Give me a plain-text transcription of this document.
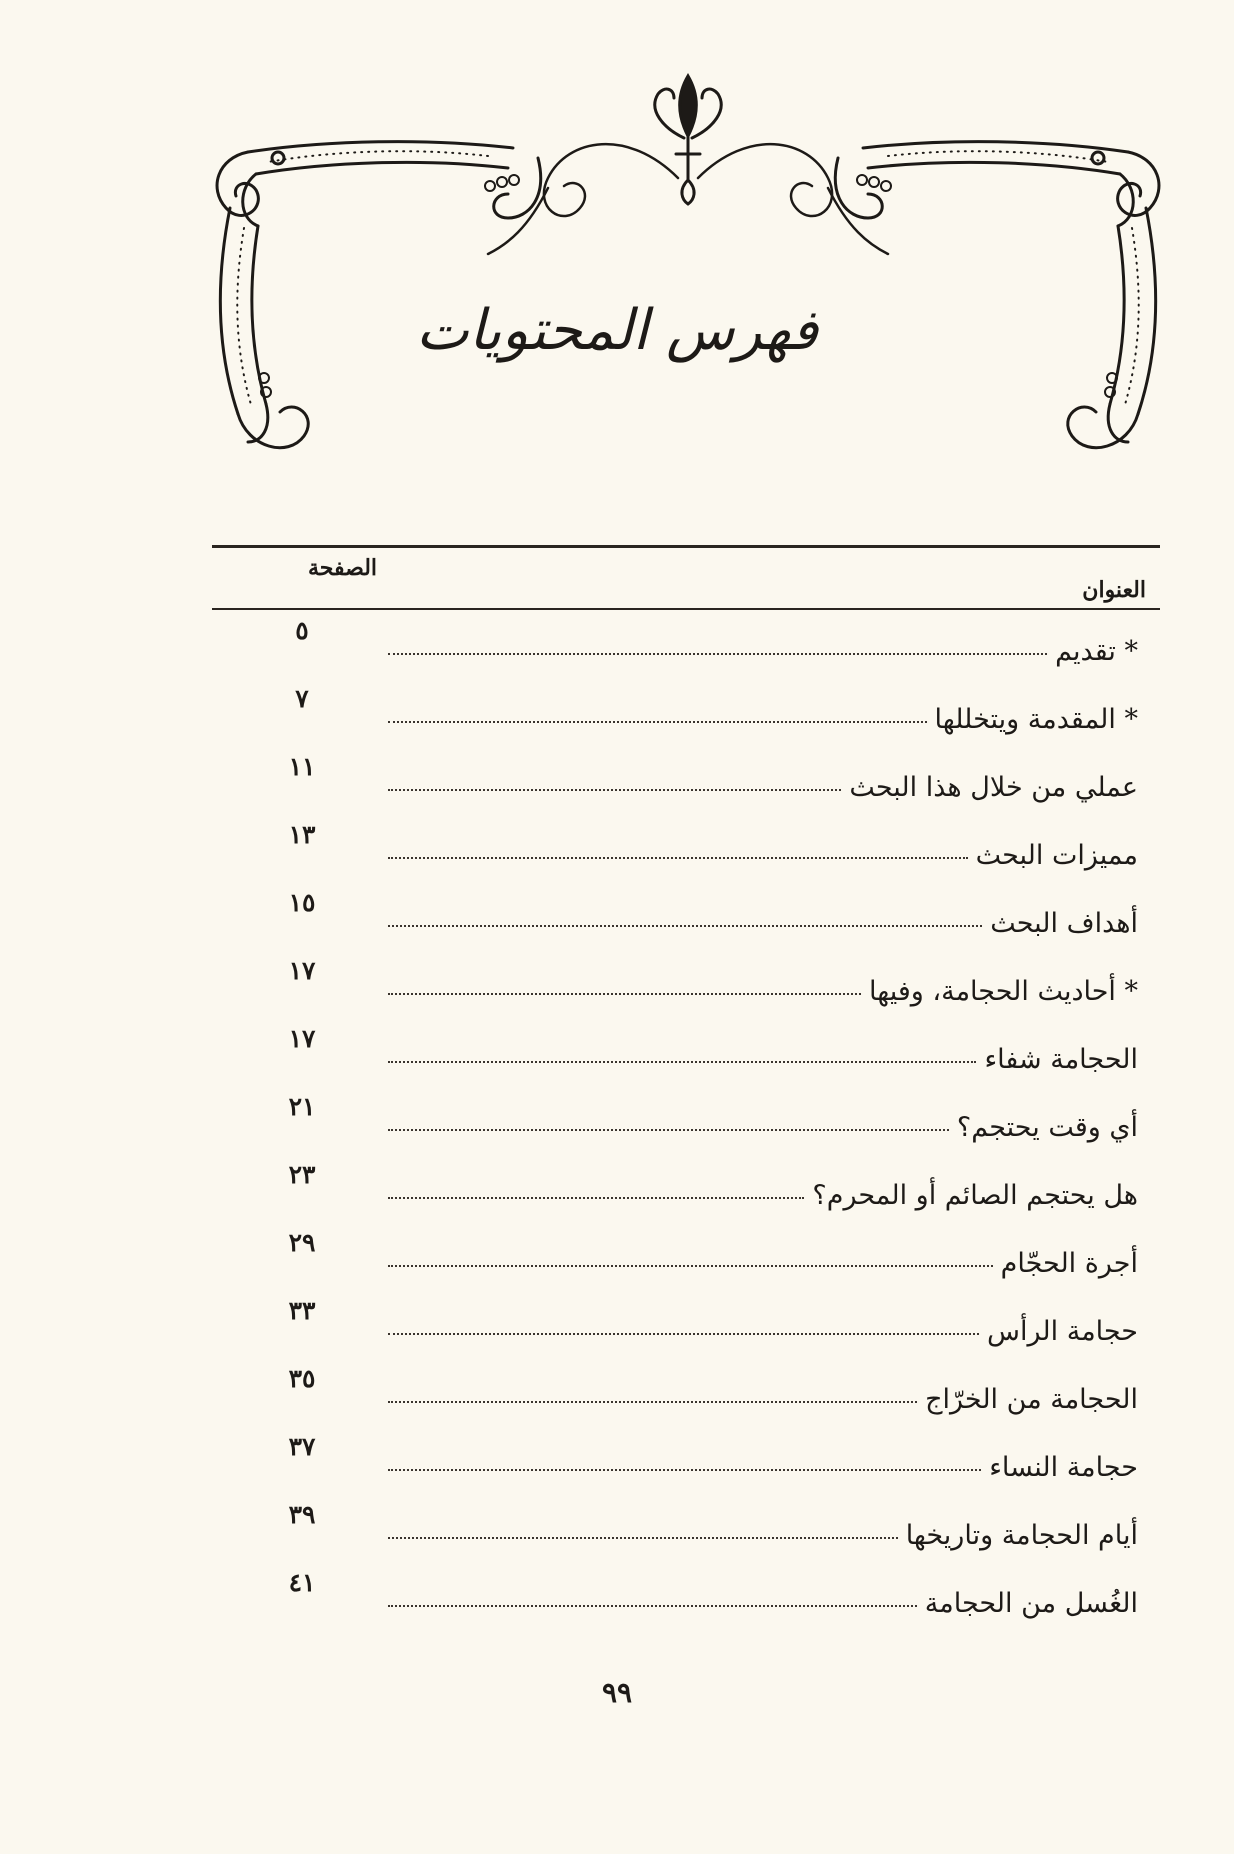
فهرس المحتويات
العنوان
الصفحة
* تقديم
٥
* المقدمة ويتخللها
٧
عملي من خلال هذا البحث
١١
مميزات البحث
١٣
أهداف البحث
١٥
* أحاديث الحجامة، وفيها
١٧
الحجامة شفاء
١٧
أي وقت يحتجم؟
٢١
هل يحتجم الصائم أو المحرم؟
٢٣
أجرة الحجّام
٢٩
حجامة الرأس
٣٣
الحجامة من الخرّاج
٣٥
حجامة النساء
٣٧
أيام الحجامة وتاريخها
٣٩
الغُسل من الحجامة
٤١
٩٩
